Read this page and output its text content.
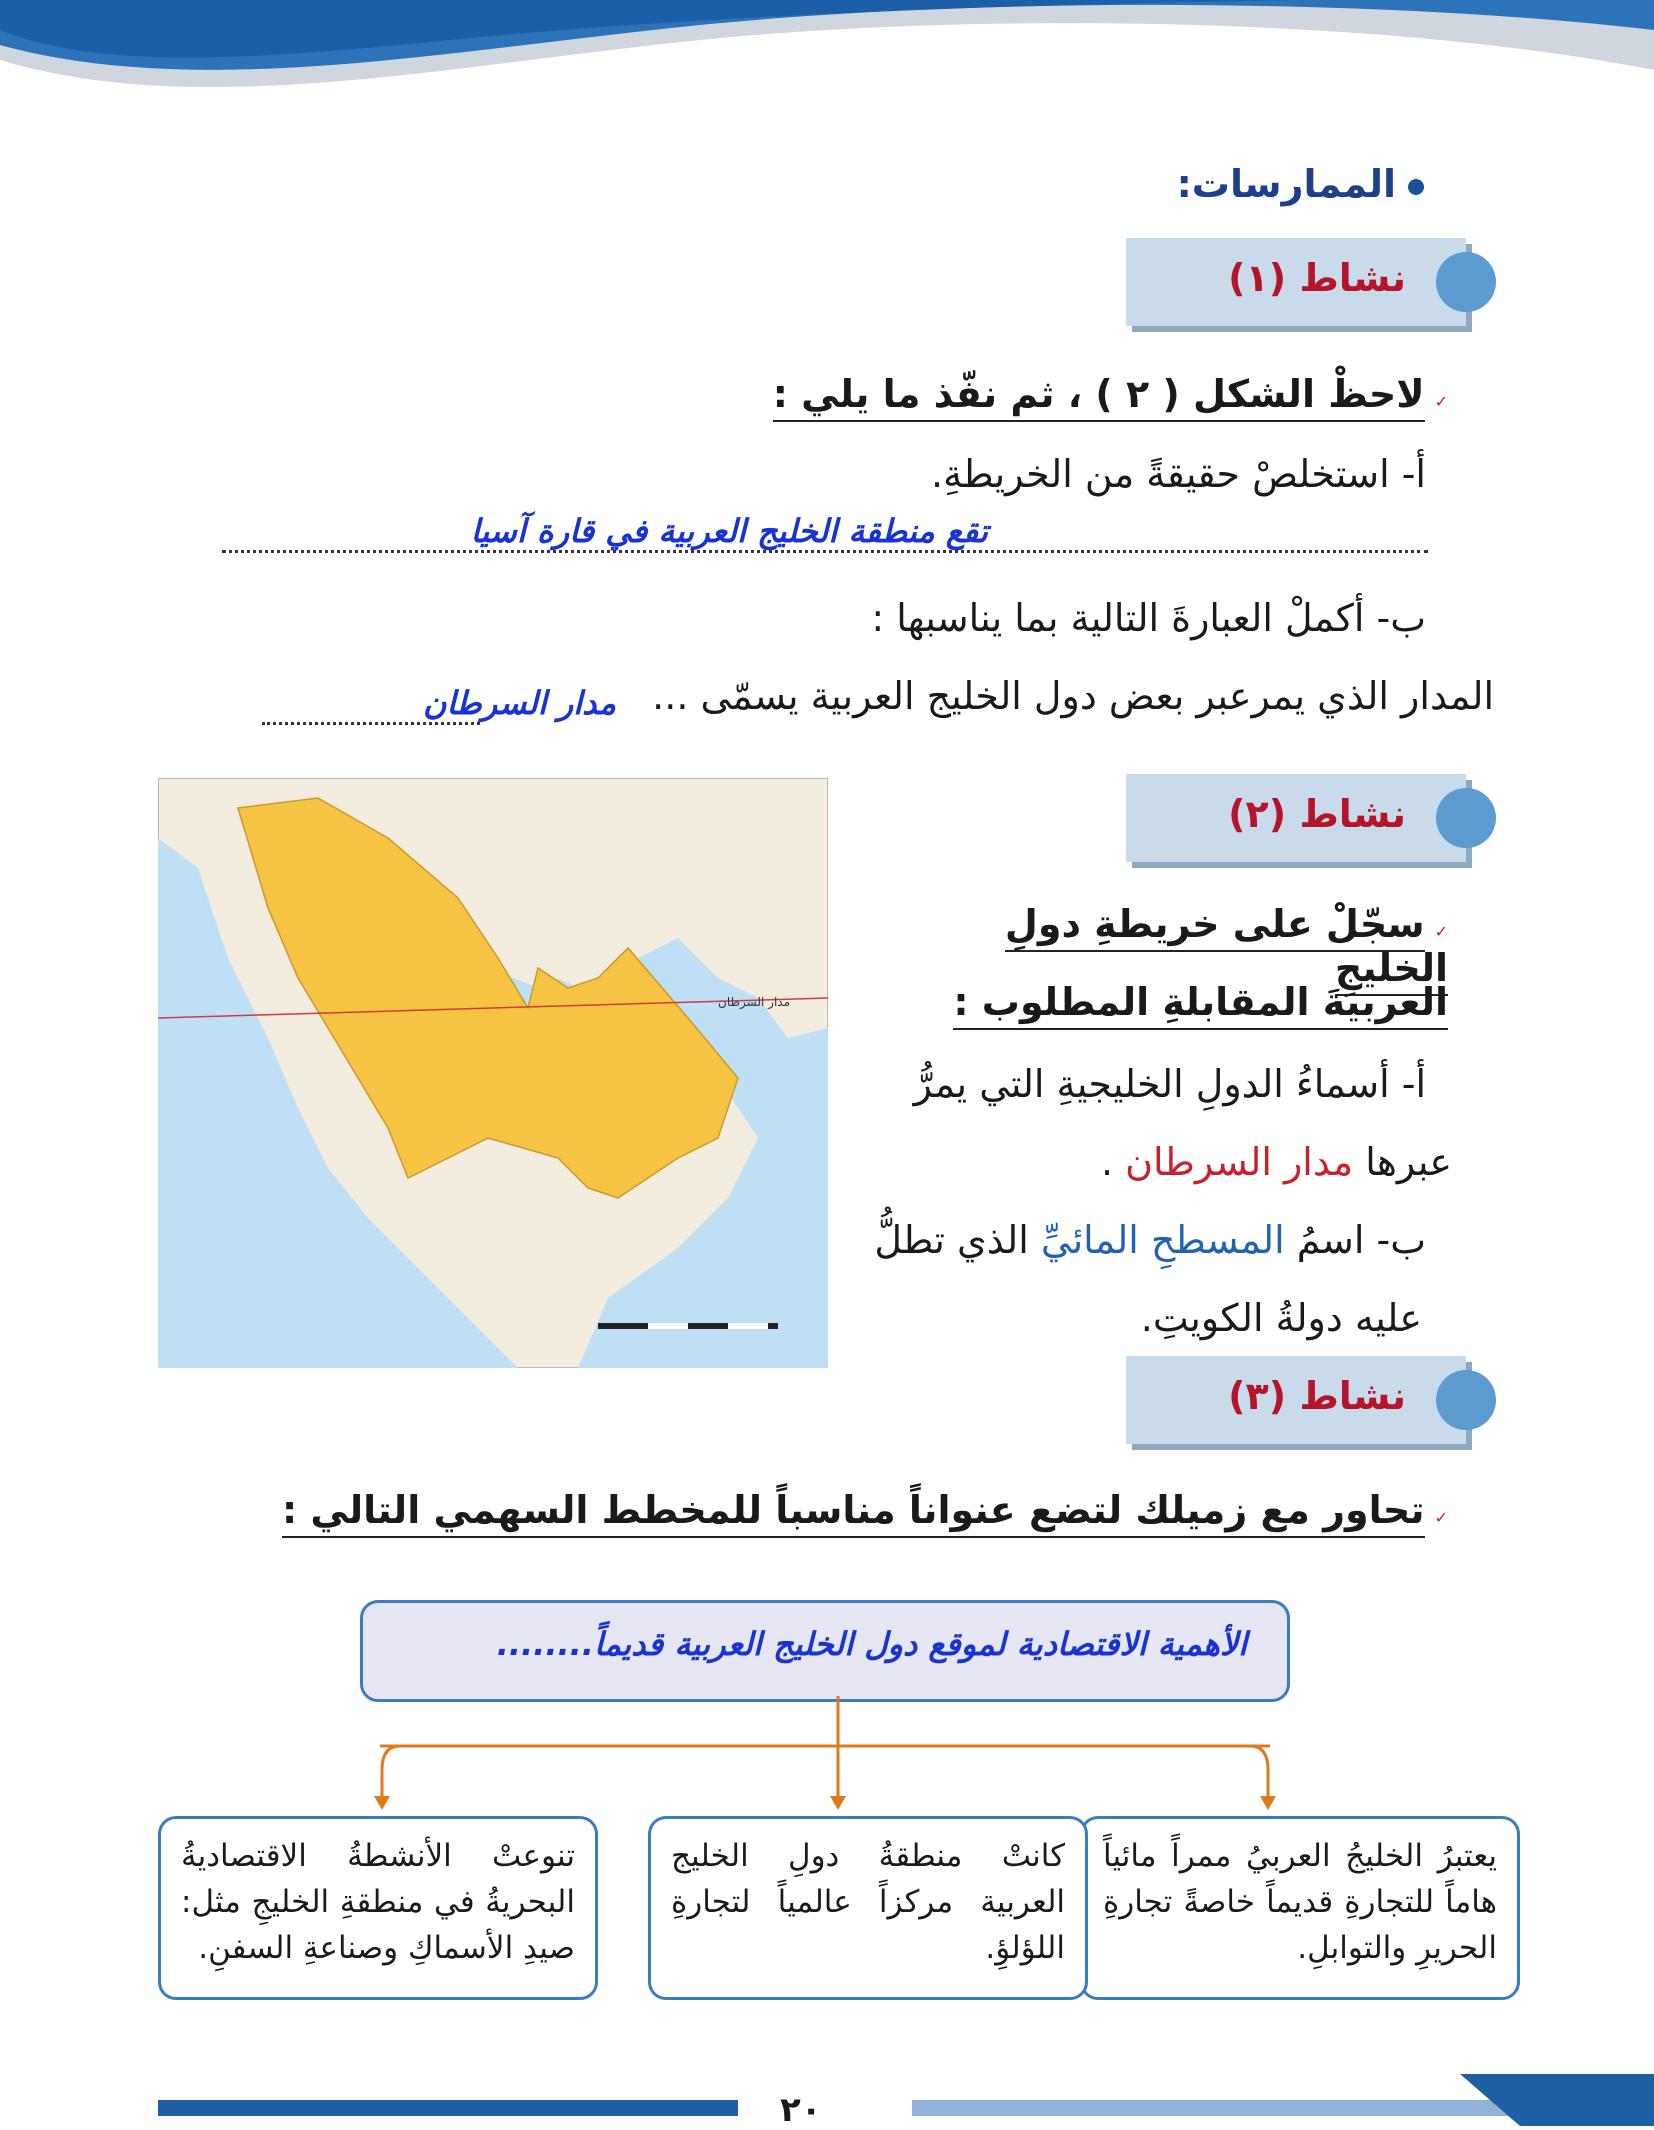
الممارسات:
نشاط (١)
✓لاحظْ الشكل ( ٢ ) ، ثم نفّذ ما يلي :
أ- استخلصْ حقيقةً من الخريطةِ.
تقع منطقة الخليج العربية في قارة آسيا
ب- أكملْ العبارةَ التالية بما يناسبها :
المدار الذي يمرعبر بعض دول الخليج العربية يسمّى ...
مدار السرطان
مدار السرطان
نشاط (٢)
✓سجّلْ على خريطةِ دولِ الخليجِ
العربيةَ المقابلةِ المطلوب :
أ- أسماءُ الدولِ الخليجيةِ التي يمرُّ
عبرها مدار السرطان .
ب- اسمُ المسطحِ المائيِّ الذي تطلُّ
عليه دولةُ الكويتِ.
نشاط (٣)
✓تحاور مع زميلك لتضع عنواناً مناسباً للمخطط السهمي التالي :
الأهمية الاقتصادية لموقع دول الخليج العربية قديماً........
يعتبرُ الخليجُ العربيُ ممراً مائياً هاماً للتجارةِ قديماً خاصةً تجارةِ الحريرِ والتوابلِ.
كانتْ منطقةُ دولِ الخليج العربية مركزاً عالمياً لتجارةِ اللؤلؤِ.
تنوعتْ الأنشطةُ الاقتصاديةُ البحريةُ في منطقةِ الخليجِ مثل: صيدِ الأسماكِ وصناعةِ السفنِ.
٢٠
